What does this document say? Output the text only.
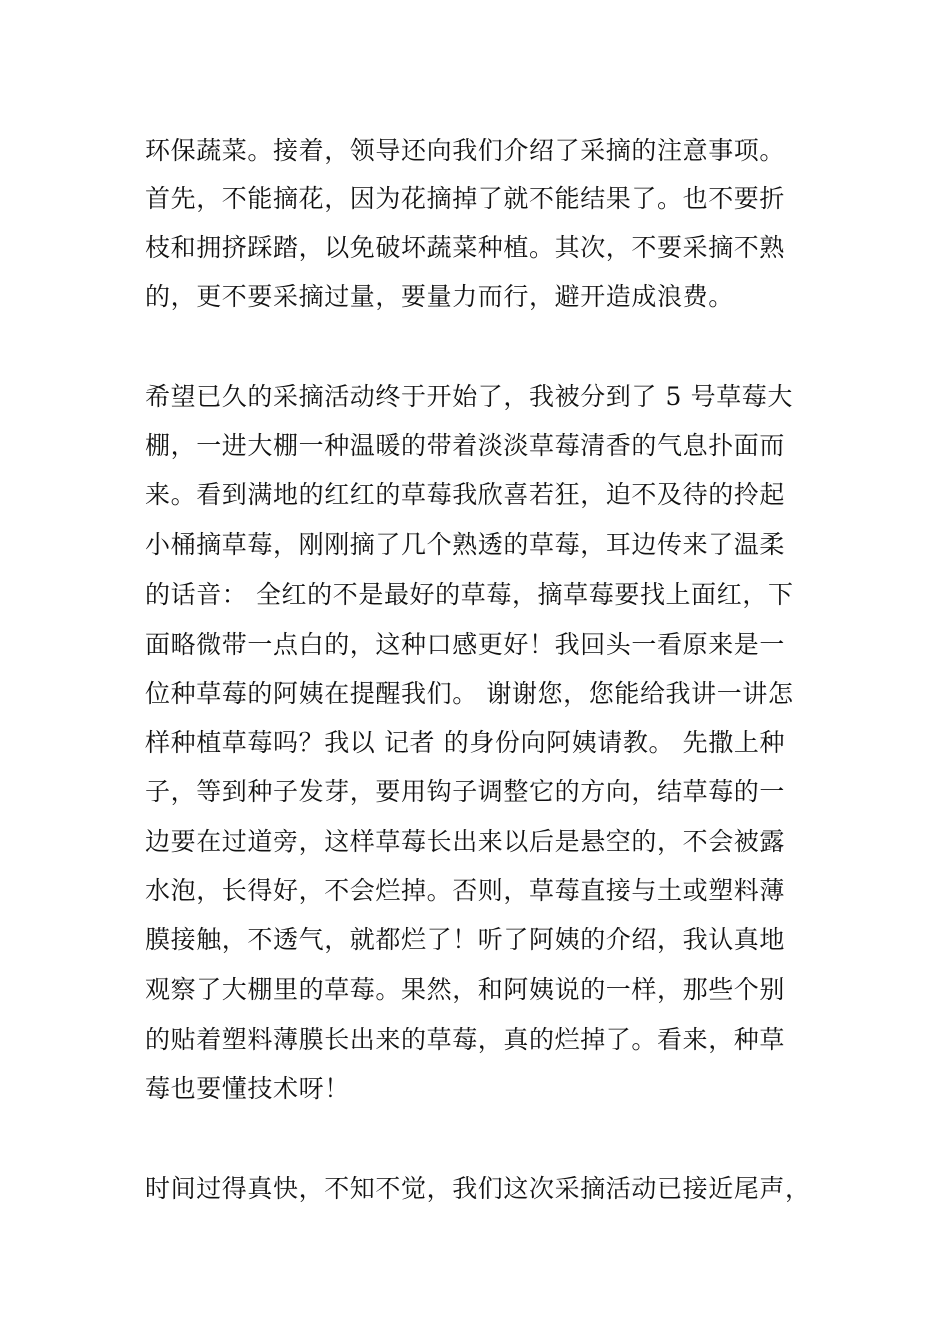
环保蔬菜。接着，领导还向我们介绍了采摘的注意事项。
首先，不能摘花，因为花摘掉了就不能结果了。也不要折
枝和拥挤踩踏，以免破坏蔬菜种植。其次，不要采摘不熟
的，更不要采摘过量，要量力而行，避开造成浪费。
希望已久的采摘活动终于开始了，我被分到了 5 号草莓大
棚，一进大棚一种温暖的带着淡淡草莓清香的气息扑面而
来。看到满地的红红的草莓我欣喜若狂，迫不及待的拎起
小桶摘草莓，刚刚摘了几个熟透的草莓，耳边传来了温柔
的话音： 全红的不是最好的草莓，摘草莓要找上面红，下
面略微带一点白的，这种口感更好！我回头一看原来是一
位种草莓的阿姨在提醒我们。 谢谢您，您能给我讲一讲怎
样种植草莓吗？我以 记者 的身份向阿姨请教。 先撒上种
子，等到种子发芽，要用钩子调整它的方向，结草莓的一
边要在过道旁，这样草莓长出来以后是悬空的，不会被露
水泡，长得好，不会烂掉。否则，草莓直接与土或塑料薄
膜接触，不透气，就都烂了！听了阿姨的介绍，我认真地
观察了大棚里的草莓。果然，和阿姨说的一样，那些个别
的贴着塑料薄膜长出来的草莓，真的烂掉了。看来，种草
莓也要懂技术呀！
时间过得真快，不知不觉，我们这次采摘活动已接近尾声，
